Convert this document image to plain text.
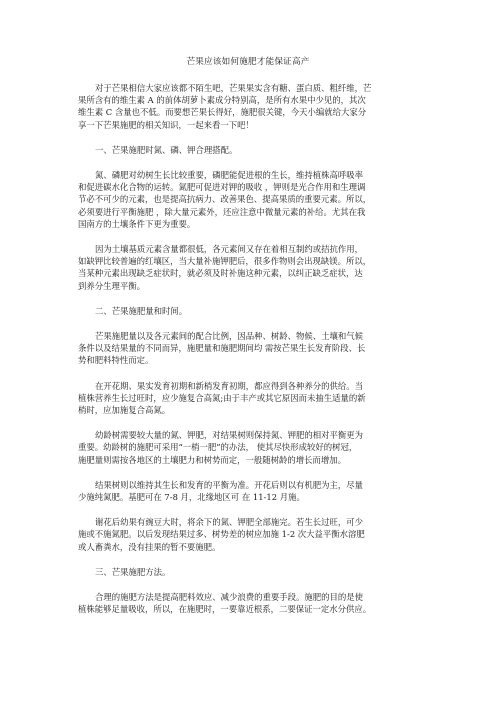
芒果应该如何施肥才能保证高产
对于芒果相信大家应该都不陌生吧，芒果果实含有糖、蛋白质、粗纤维，芒
果所含有的维生素 A 的前体胡萝卜素成分特别高，是所有水果中少见的，其次
维生素 C 含量也不低。而要想芒果长得好，施肥很关键，今天小编就给大家分
享一下芒果施肥的相关知识，一起来看一下吧！
一、芒果施肥时氮、磷、钾合理搭配。
氮、磷肥对幼树生长比较重要，磷肥能促进根的生长，维持植株高呼吸率
和促进碳水化合物的运转。氮肥可促进对钾的吸收 ，钾则是光合作用和生理调
节必不可少的元素，也是提高抗病力、改善果色、提高果质的重要元素。所以，
必须要进行平衡施肥 ，除大量元素外，还应注意中微量元素的补给。尤其在我
国南方的土壤条件下更为重要。
因为土壤基质元素含量都很低，各元素间又存在着相互制约或拮抗作用，
如缺钾比较普遍的红壤区，当大量补施钾肥后，很多作物则会出现缺镁。所以，
当某种元素出现缺乏症状时，就必须及时补施这种元素，以纠正缺乏症状，达
到养分生理平衡。
二、芒果施肥量和时间。
芒果施肥量以及各元素间的配合比例，因品种、树龄、物候、土壤和气候
条件以及结果量的不同而异，施肥量和施肥期间均 需按芒果生长发育阶段、长
势和肥料特性而定。
在开花期、果实发育初期和新梢发育初期，都应得到各种养分的供给。当
植株营养生长过旺时，应少施复合高氮;由于丰产或其它原因而未抽生适量的新
梢时，应加施复合高氮。
幼龄树需要较大量的氮、钾肥，对结果树则保持氮、钾肥的相对平衡更为
重要。幼龄树的施肥可采用“一梢一肥”的办法， 使其尽快形成较好的树冠，
施肥量则需按各地区的土壤肥力和树势而定，一般随树龄的增长而增加。
结果树则以维持其生长和发育的平衡为准。开花后则以有机肥为主，尽量
少施纯氮肥。基肥可在 7-8 月，北缘地区可 在 11-12 月施。
谢花后幼果有豌豆大时，将余下的氮、钾肥全部施完。若生长过旺，可少
施或不施氮肥。以后发现结果过多、树势差的树应加施 1-2 次大益平衡水溶肥
或人畜粪水，没有挂果的暂不要施肥。
三、芒果施肥方法。
合理的施肥方法是提高肥料效应、减少浪费的重要手段。施肥的目的是使
植株能够足量吸收，所以，在施肥时，一要靠近根系，二要保证一定水分供应。
